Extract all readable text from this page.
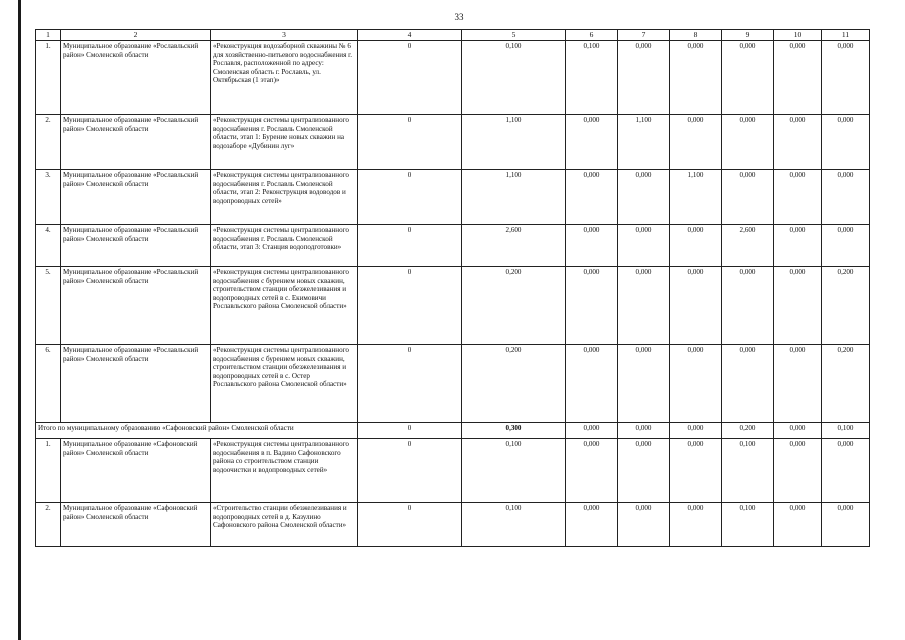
33
1	2	3	4	5	6	7	8	9	10	11
1.	Муниципальное образование «Рославльский район» Смоленской области	«Реконструкция водозаборной скважины № 6 для хозяйственно-питьевого водоснабжения г. Рославля, расположенной по адресу: Смоленская область г. Рославль, ул. Октябрьская (1 этап)»	0	0,100	0,100	0,000	0,000	0,000	0,000	0,000
2.	Муниципальное образование «Рославльский район» Смоленской области	«Реконструкция системы централизованного водоснабжения г. Рославль Смоленской области, этап 1: Бурение новых скважин на водозаборе «Дубинин луг»	0	1,100	0,000	1,100	0,000	0,000	0,000	0,000
3.	Муниципальное образование «Рославльский район» Смоленской области	«Реконструкция системы централизованного водоснабжения г. Рославль Смоленской области, этап 2: Реконструкция водоводов и водопроводных сетей»	0	1,100	0,000	0,000	1,100	0,000	0,000	0,000
4.	Муниципальное образование «Рославльский район» Смоленской области	«Реконструкция системы централизованного водоснабжения г. Рославль Смоленской области, этап 3: Станция водоподготовки»	0	2,600	0,000	0,000	0,000	2,600	0,000	0,000
5.	Муниципальное образование «Рославльский район» Смоленской области	«Реконструкция системы централизованного водоснабжения с бурением новых скважин, строительством станции обезжелезивания и водопроводных сетей в с. Екимовичи Рославльского района Смоленской области»	0	0,200	0,000	0,000	0,000	0,000	0,000	0,200
6.	Муниципальное образование «Рославльский район» Смоленской области	«Реконструкция системы централизованного водоснабжения с бурением новых скважин, строительством станции обезжелезивания и водопроводных сетей в с. Остер Рославльского района Смоленской области»	0	0,200	0,000	0,000	0,000	0,000	0,000	0,200
Итого по муниципальному образованию «Сафоновский район» Смоленской области			0	0,300	0,000	0,000	0,000	0,200	0,000	0,100
1.	Муниципальное образование «Сафоновский район» Смоленской области	«Реконструкция системы централизованного водоснабжения в п. Вадино Сафоновского района со строительством станции водоочистки и водопроводных сетей»	0	0,100	0,000	0,000	0,000	0,100	0,000	0,000
2.	Муниципальное образование «Сафоновский район» Смоленской области	«Строительство станции обезжелезивания и водопроводных сетей в д. Казулино Сафоновского района Смоленской области»	0	0,100	0,000	0,000	0,000	0,100	0,000	0,000
